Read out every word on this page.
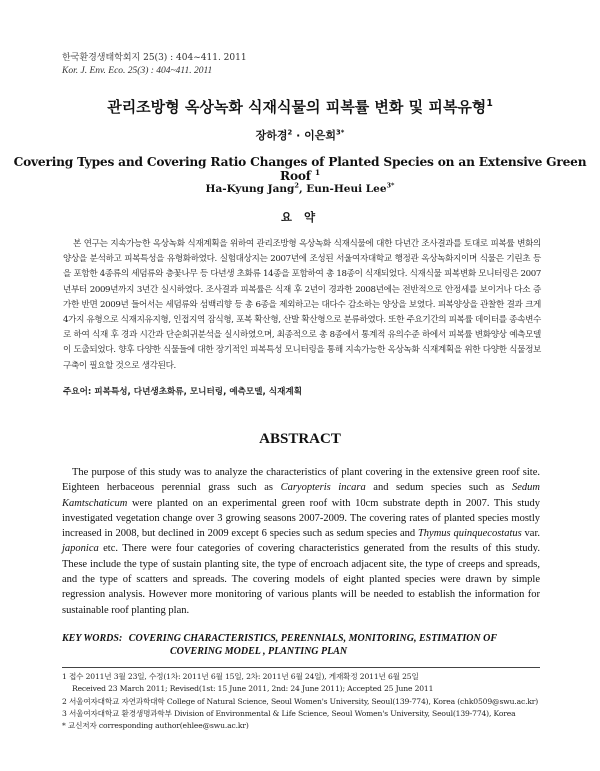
한국환경생태학회지 25(3) : 404~411. 2011
Kor. J. Env. Eco. 25(3) : 404~411. 2011
관리조방형 옥상녹화 식재식물의 피복률 변화 및 피복유형$^1$
장하경$^2$ · 이은희$^{3*}$
Covering Types and Covering Ratio Changes of Planted Species on an Extensive Green Roof $^1$
Ha-Kyung Jang$^2$, Eun-Heui Lee$^{3*}$
요 약
본 연구는 지속가능한 옥상녹화 식재계획을 위하여 관리조방형 옥상녹화 식재식물에 대한 다년간 조사결과를 토대로 피복률 변화의 양상을 분석하고 피복특성을 유형화하였다. 실험대상지는 2007년에 조성된 서울여자대학교 행정관 옥상녹화지이며 식물은 기린초 등을 포함한 4종류의 세덤류와 층꽃나무 등 다년생 초화류 14종을 포함하여 총 18종이 식재되었다. 식재식물 피복변화 모니터링은 2007년부터 2009년까지 3년간 실시하였다. 조사결과 피복률은 식재 후 2년이 경과한 2008년에는 전반적으로 안정세를 보이거나 다소 증가한 반면 2009년 들어서는 세덤류와 섬백리향 등 총 6종을 제외하고는 대다수 감소하는 양상을 보였다. 피복양상을 관찰한 결과 크게 4가지 유형으로 식재지유지형, 인접지역 잠식형, 포복 확산형, 산발 확산형으로 분류하였다. 또한 주요기간의 피복률 데이터를 종속변수로 하여 식재 후 경과 시간과 단순회귀분석을 실시하였으며, 최종적으로 총 8종에서 통계적 유의수준 하에서 피복률 변화양상 예측모델이 도출되었다. 향후 다양한 식물들에 대한 장기적인 피복특성 모니터링을 통해 지속가능한 옥상녹화 식재계획을 위한 다양한 식물정보 구축이 필요할 것으로 생각된다.
주요어: 피복특성, 다년생초화류, 모니터링, 예측모델, 식재계획
ABSTRACT
The purpose of this study was to analyze the characteristics of plant covering in the extensive green roof site. Eighteen herbaceous perennial grass such as Caryopteris incara and sedum species such as Sedum Kamtschaticum were planted on an experimental green roof with 10cm substrate depth in 2007. This study investigated vegetation change over 3 growing seasons 2007-2009. The covering rates of planted species mostly increased in 2008, but declined in 2009 except 6 species such as sedum species and Thymus quinquecostatus var. japonica etc. There were four categories of covering characteristics generated from the results of this study. These include the type of sustain planting site, the type of encroach adjacent site, the type of creeps and spreads, and the type of scatters and spreads. The covering models of eight planted species were drawn by simple regression analysis. However more monitoring of various plants will be needed to establish the information for sustainable roof planting plan.
KEY WORDS: COVERING CHARACTERISTICS, PERENNIALS, MONITORING, ESTIMATION OF
COVERING MODEL , PLANTING PLAN
1 접수 2011년 3월 23일, 수정(1차: 2011년 6월 15일, 2차: 2011년 6월 24일), 게재확정 2011년 6월 25일
Received 23 March 2011; Revised(1st: 15 June 2011, 2nd: 24 June 2011); Accepted 25 June 2011
2 서울여자대학교 자연과학대학 College of Natural Science, Seoul Women's University, Seoul(139-774), Korea (chk0509@swu.ac.kr)
3 서울여자대학교 환경생명과학부 Division of Environmental & Life Science, Seoul Women's University, Seoul(139-774), Korea
* 교신저자 corresponding author(ehlee@swu.ac.kr)
